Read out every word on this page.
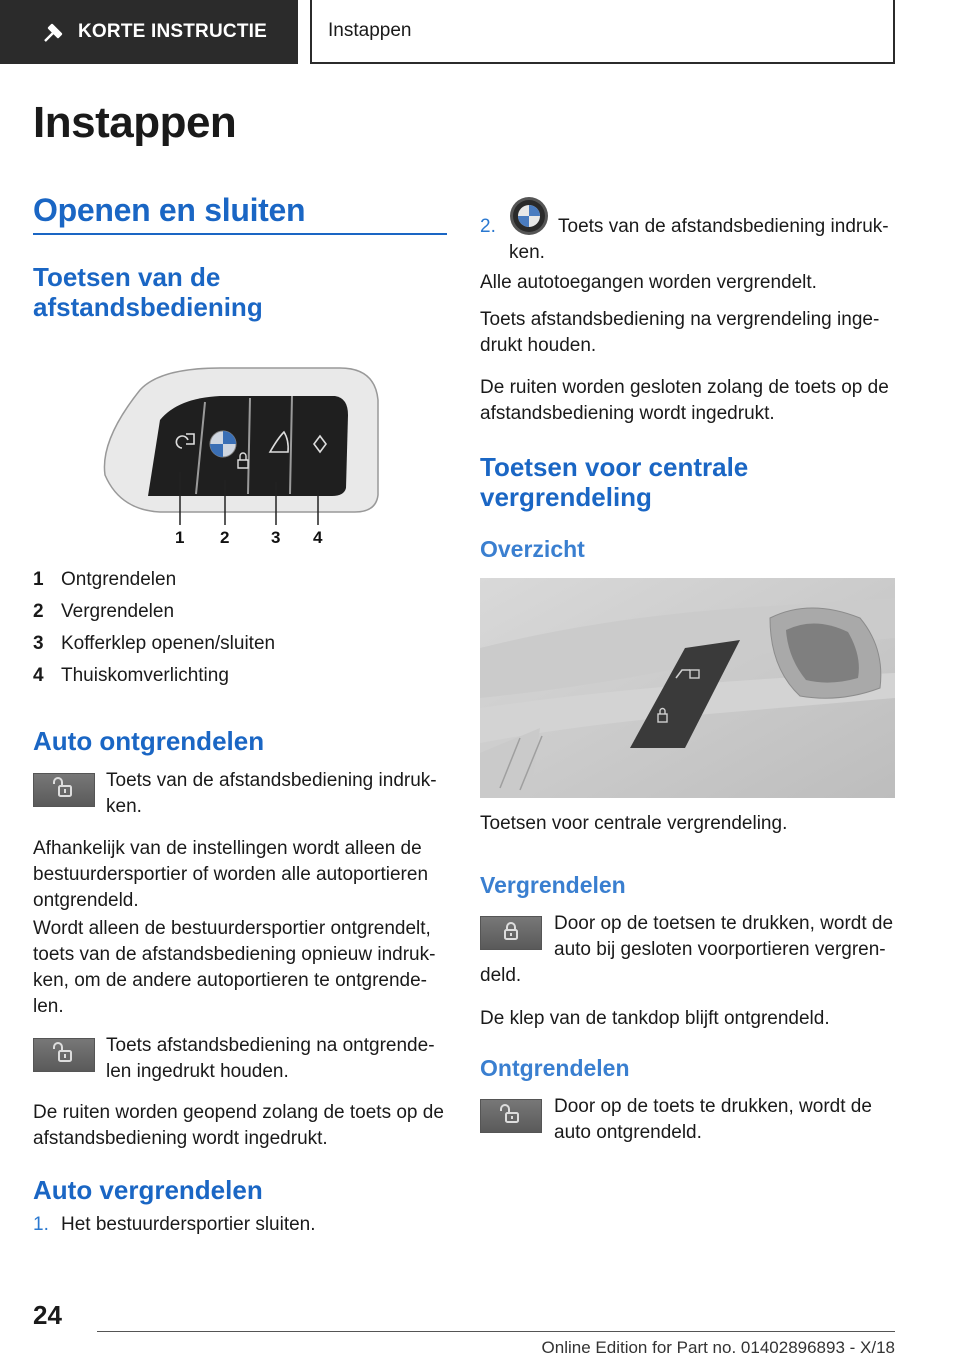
KORTE INSTRUCTIE	Instappen
Instappen
Openen en sluiten
Toetsen van de afstandsbediening
1 2 3 4
1 Ontgrendelen
2 Vergrendelen
3 Kofferklep openen/sluiten
4 Thuiskomverlichting
Auto ontgrendelen
Toets van de afstandsbediening indruk-
ken.
Afhankelijk van de instellingen wordt alleen de bestuurdersportier of worden alle autoportieren ontgrendeld.
Wordt alleen de bestuurdersportier ontgrendelt, toets van de afstandsbediening opnieuw indruk-ken, om de andere autoportieren te ontgrende-len.
Toets afstandsbediening na ontgrende-
len ingedrukt houden.
De ruiten worden geopend zolang de toets op de afstandsbediening wordt ingedrukt.
Auto vergrendelen
1. Het bestuurdersportier sluiten.
2.	Toets van de afstandsbediening indruk-
ken.
Alle autotoegangen worden vergrendelt.
Toets afstandsbediening na vergrendeling inge-drukt houden.
De ruiten worden gesloten zolang de toets op de afstandsbediening wordt ingedrukt.
Toetsen voor centrale vergrendeling
Overzicht
Toetsen voor centrale vergrendeling.
Vergrendelen
Door op de toetsen te drukken, wordt de
auto bij gesloten voorportieren vergren-
deld.
De klep van de tankdop blijft ontgrendeld.
Ontgrendelen
Door op de toets te drukken, wordt de
auto ontgrendeld.
24
Online Edition for Part no. 01402896893 - X/18
